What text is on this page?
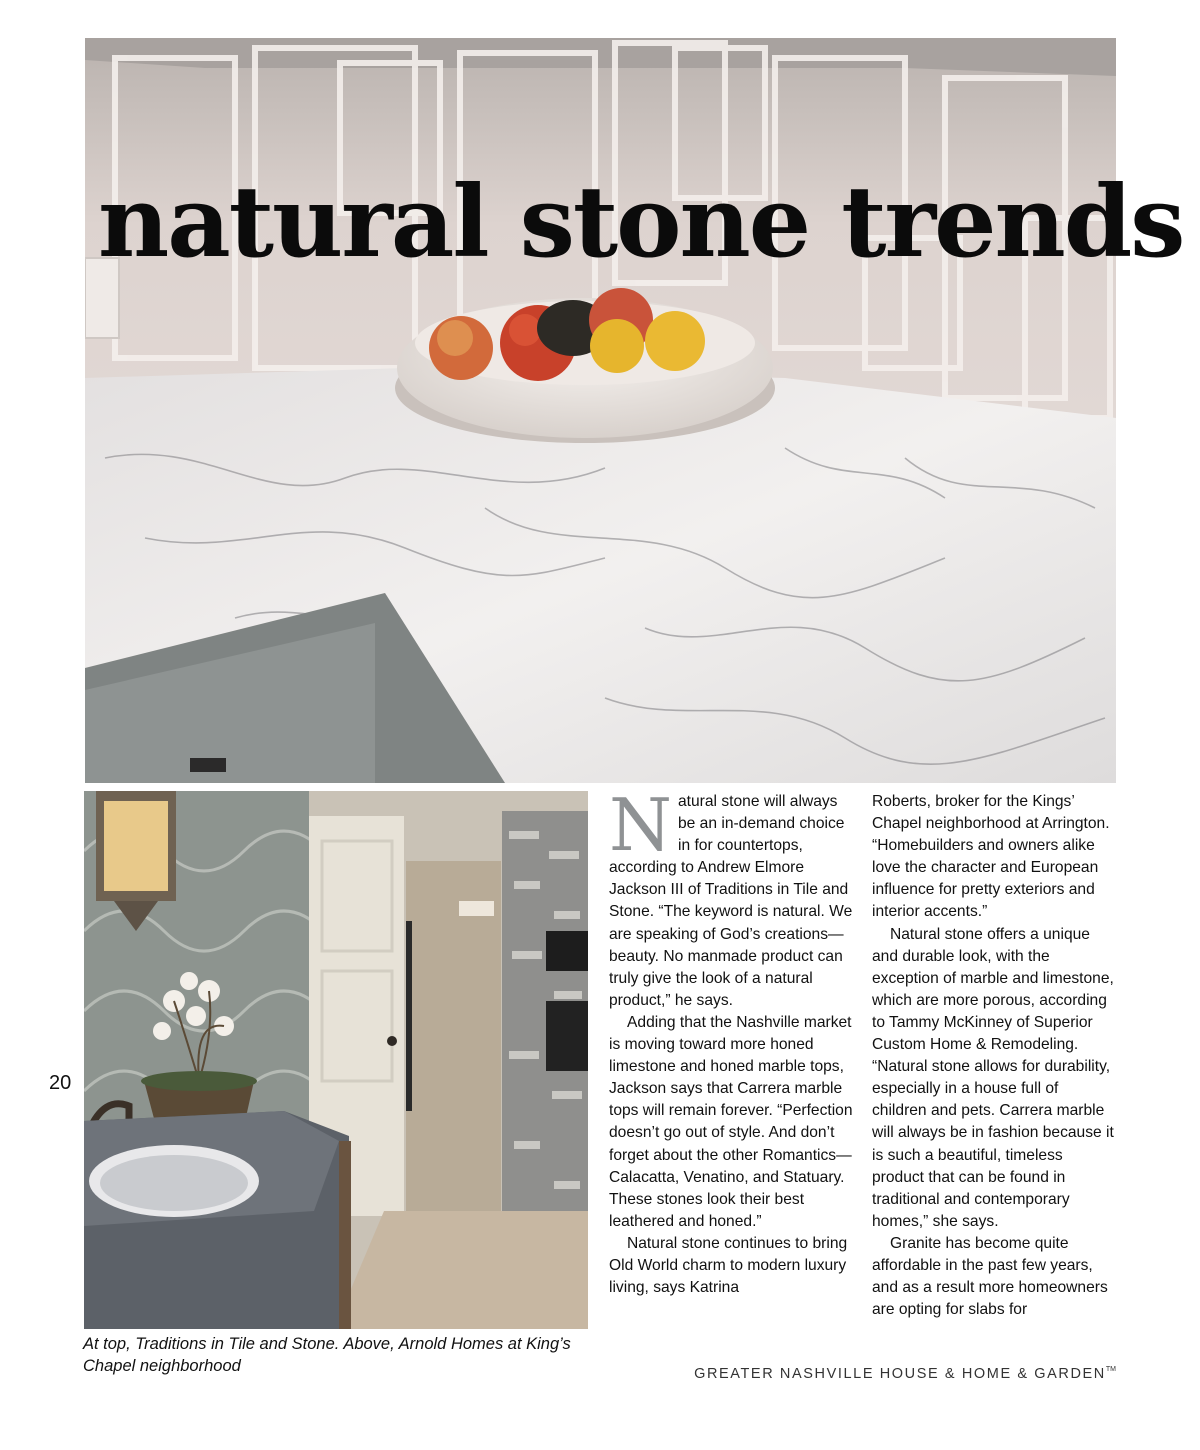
natural stone trends
20
At top, Traditions in Tile and Stone. Above, Arnold Homes at King’s Chapel neighborhood

Natural stone will always be an in-demand choice in for countertops, according to Andrew Elmore Jackson III of Traditions in Tile and Stone. “The keyword is natural. We are speaking of God’s creations—beauty. No manmade product can truly give the look of a natural product,” he says.

Adding that the Nashville market is moving toward more honed limestone and honed marble tops, Jackson says that Carrera marble tops will remain forever. “Perfection doesn’t go out of style. And don’t forget about the other Romantics—Calacatta, Venatino, and Statuary. These stones look their best leathered and honed.”

Natural stone continues to bring Old World charm to modern luxury living, says Katrina

Roberts, broker for the Kings’ Chapel neighborhood at Arrington. “Homebuilders and owners alike love the character and European influence for pretty exteriors and interior accents.”

Natural stone offers a unique and durable look, with the exception of marble and limestone, which are more porous, according to Tammy McKinney of Superior Custom Home & Remodeling. “Natural stone allows for durability, especially in a house full of children and pets. Carrera marble will always be in fashion because it is such a beautiful, timeless product that can be found in traditional and contemporary homes,” she says.

Granite has become quite affordable in the past few years, and as a result more homeowners are opting for slabs for

GREATER NASHVILLE HOUSE & HOME & GARDEN™
